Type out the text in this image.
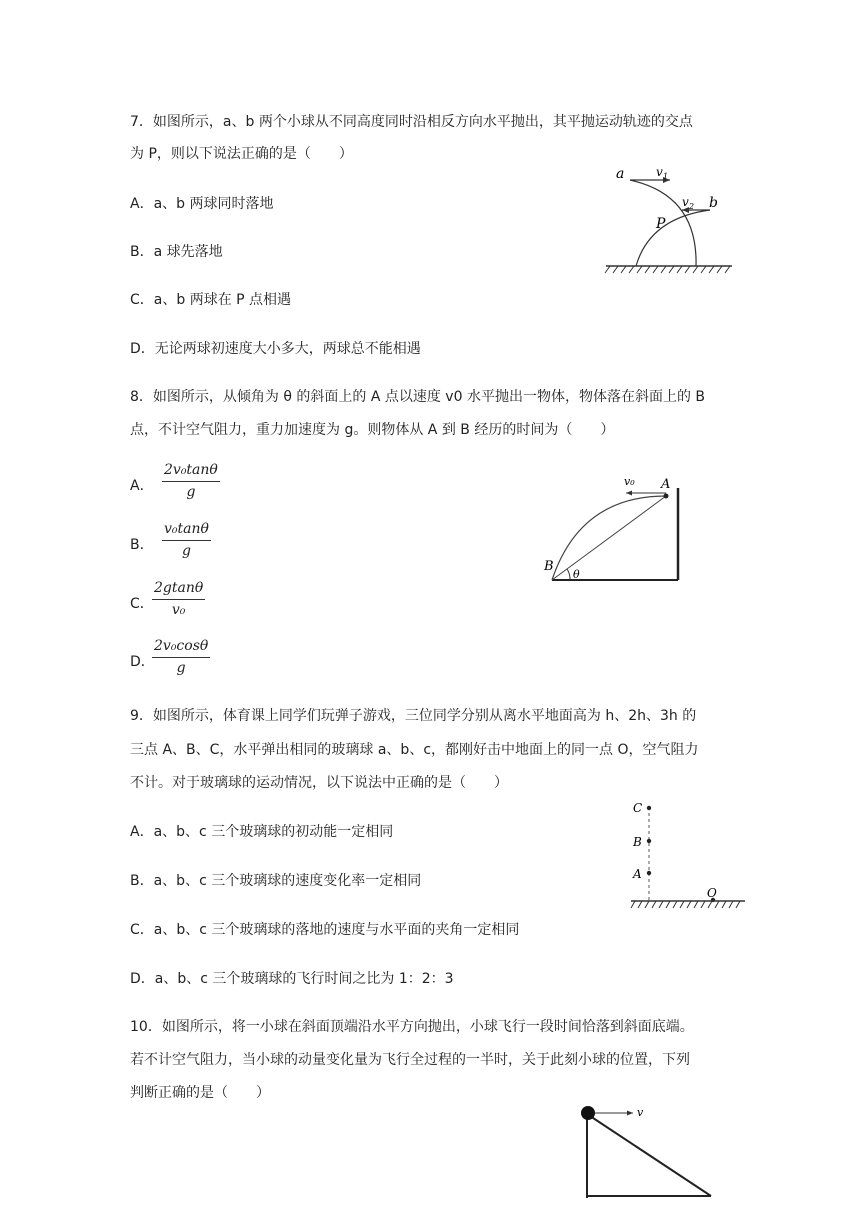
7．如图所示，a、b 两个小球从不同高度同时沿相反方向水平抛出，其平抛运动轨迹的交点
为 P，则以下说法正确的是（　　）
A．a、b 两球同时落地
B．a 球先落地
C．a、b 两球在 P 点相遇
D．无论两球初速度大小多大，两球总不能相遇
a	v 1
v 2 b
P
8．如图所示，从倾角为 θ 的斜面上的 A 点以速度 v0 水平抛出一物体，物体落在斜面上的 B
点，不计空气阻力，重力加速度为 g。则物体从 A 到 B 经历的时间为（　　）
A． $\frac{\text{2v₀tanθ}}{g}$
B． $\frac{\text{v₀tanθ}}{g}$
C．
$\frac{2gtan\theta}{\text{v₀}}$
D．
$\frac{\text{2v₀cosθ}}{g}$
v₀ A
B
θ
9．如图所示，体育课上同学们玩弹子游戏，三位同学分别从离水平地面高为 h、2h、3h 的
三点 A、B、C，水平弹出相同的玻璃球 a、b、c，都刚好击中地面上的同一点 O，空气阻力
不计。对于玻璃球的运动情况，以下说法中正确的是（　　）
A．a、b、c 三个玻璃球的初动能一定相同
B．a、b、c 三个玻璃球的速度变化率一定相同
C．a、b、c 三个玻璃球的落地的速度与水平面的夹角一定相同
D．a、b、c 三个玻璃球的飞行时间之比为 1：2：3
C
B
A
O
10．如图所示，将一小球在斜面顶端沿水平方向抛出，小球飞行一段时间恰落到斜面底端。
若不计空气阻力，当小球的动量变化量为飞行全过程的一半时，关于此刻小球的位置，下列
判断正确的是（　　）
v
